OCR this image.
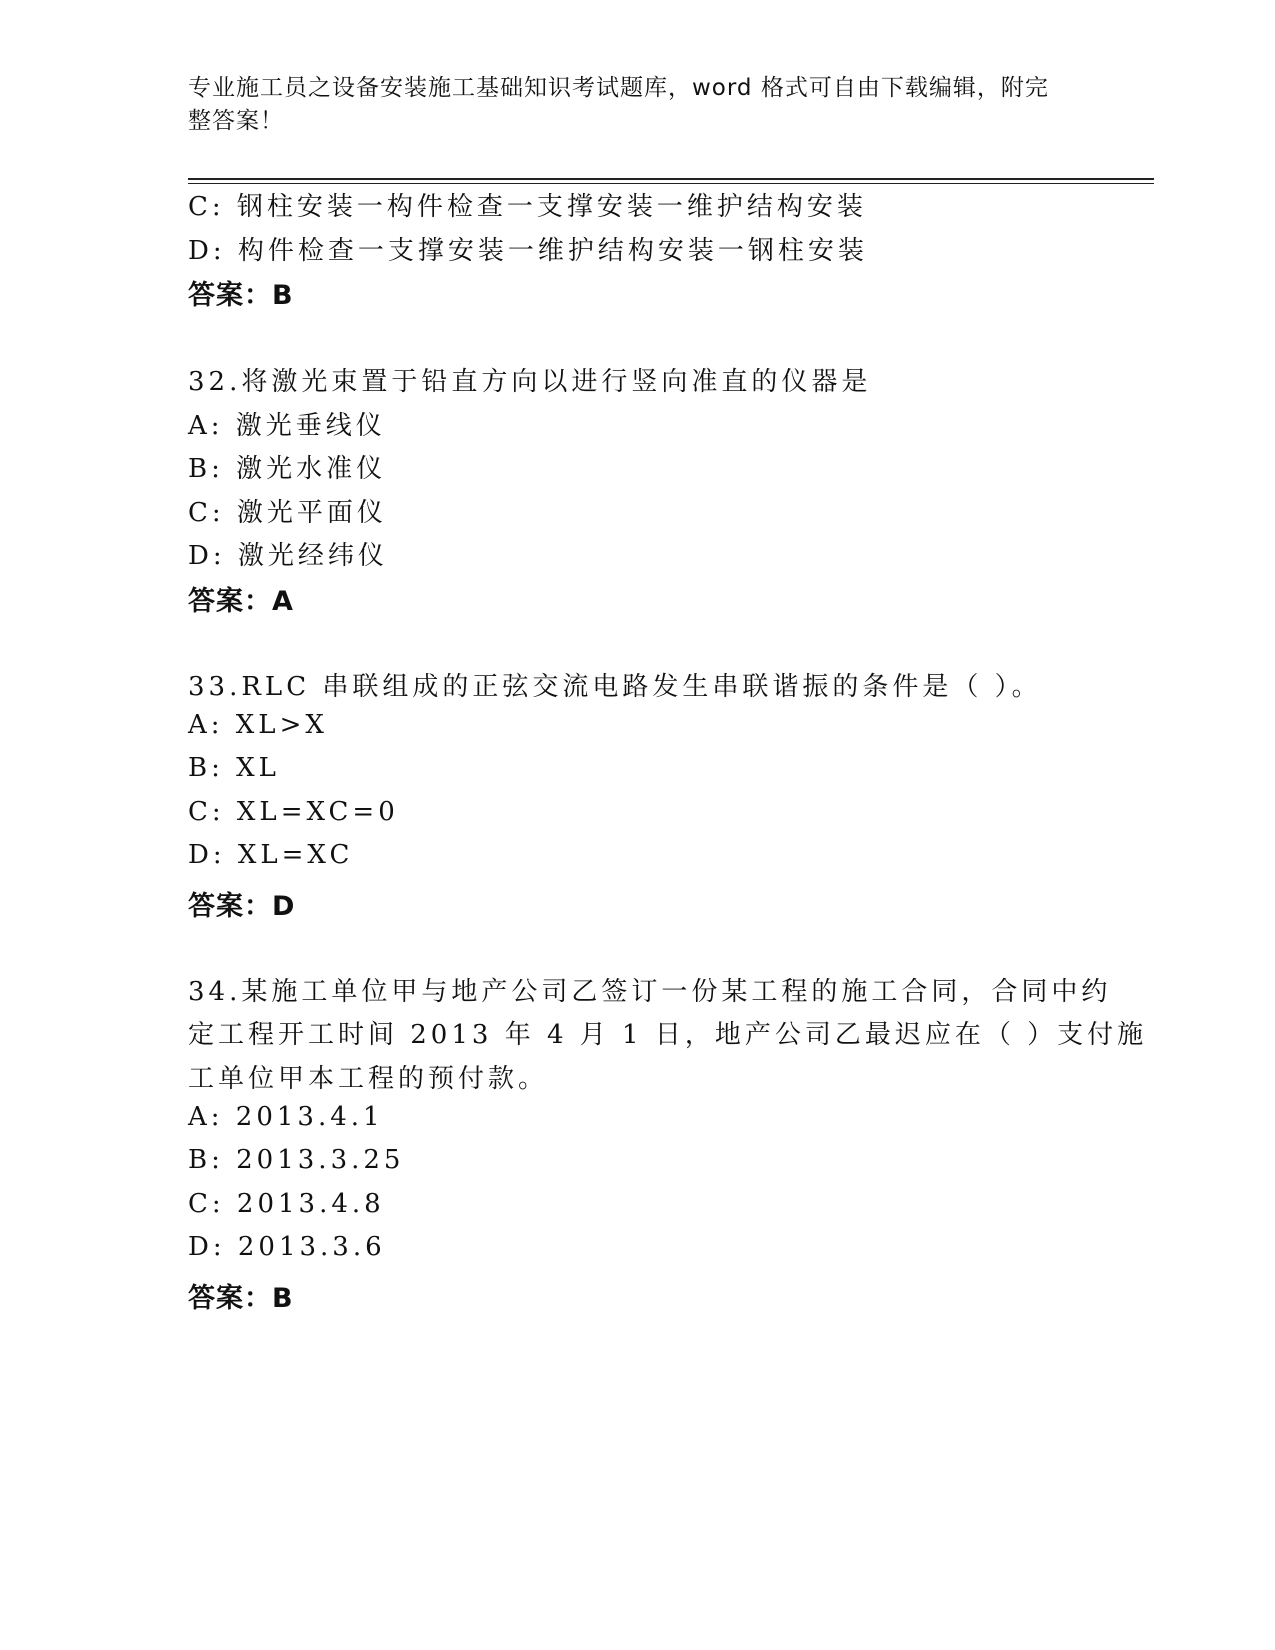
专业施工员之设备安装施工基础知识考试题库，word 格式可自由下载编辑，附完
整答案！
C: 钢柱安装一构件检查一支撑安装一维护结构安装
D: 构件检查一支撑安装一维护结构安装一钢柱安装
答案：B
32.将激光束置于铅直方向以进行竖向准直的仪器是
A: 激光垂线仪
B: 激光水准仪
C: 激光平面仪
D: 激光经纬仪
答案：A
33.RLC 串联组成的正弦交流电路发生串联谐振的条件是（ ）。
A: XL>X
B: XL
C: XL=XC=0
D: XL=XC
答案：D
34.某施工单位甲与地产公司乙签订一份某工程的施工合同，合同中约
定工程开工时间 2013 年 4 月 1 日，地产公司乙最迟应在（ ）支付施
工单位甲本工程的预付款。
A: 2013.4.1
B: 2013.3.25
C: 2013.4.8
D: 2013.3.6
答案：B
